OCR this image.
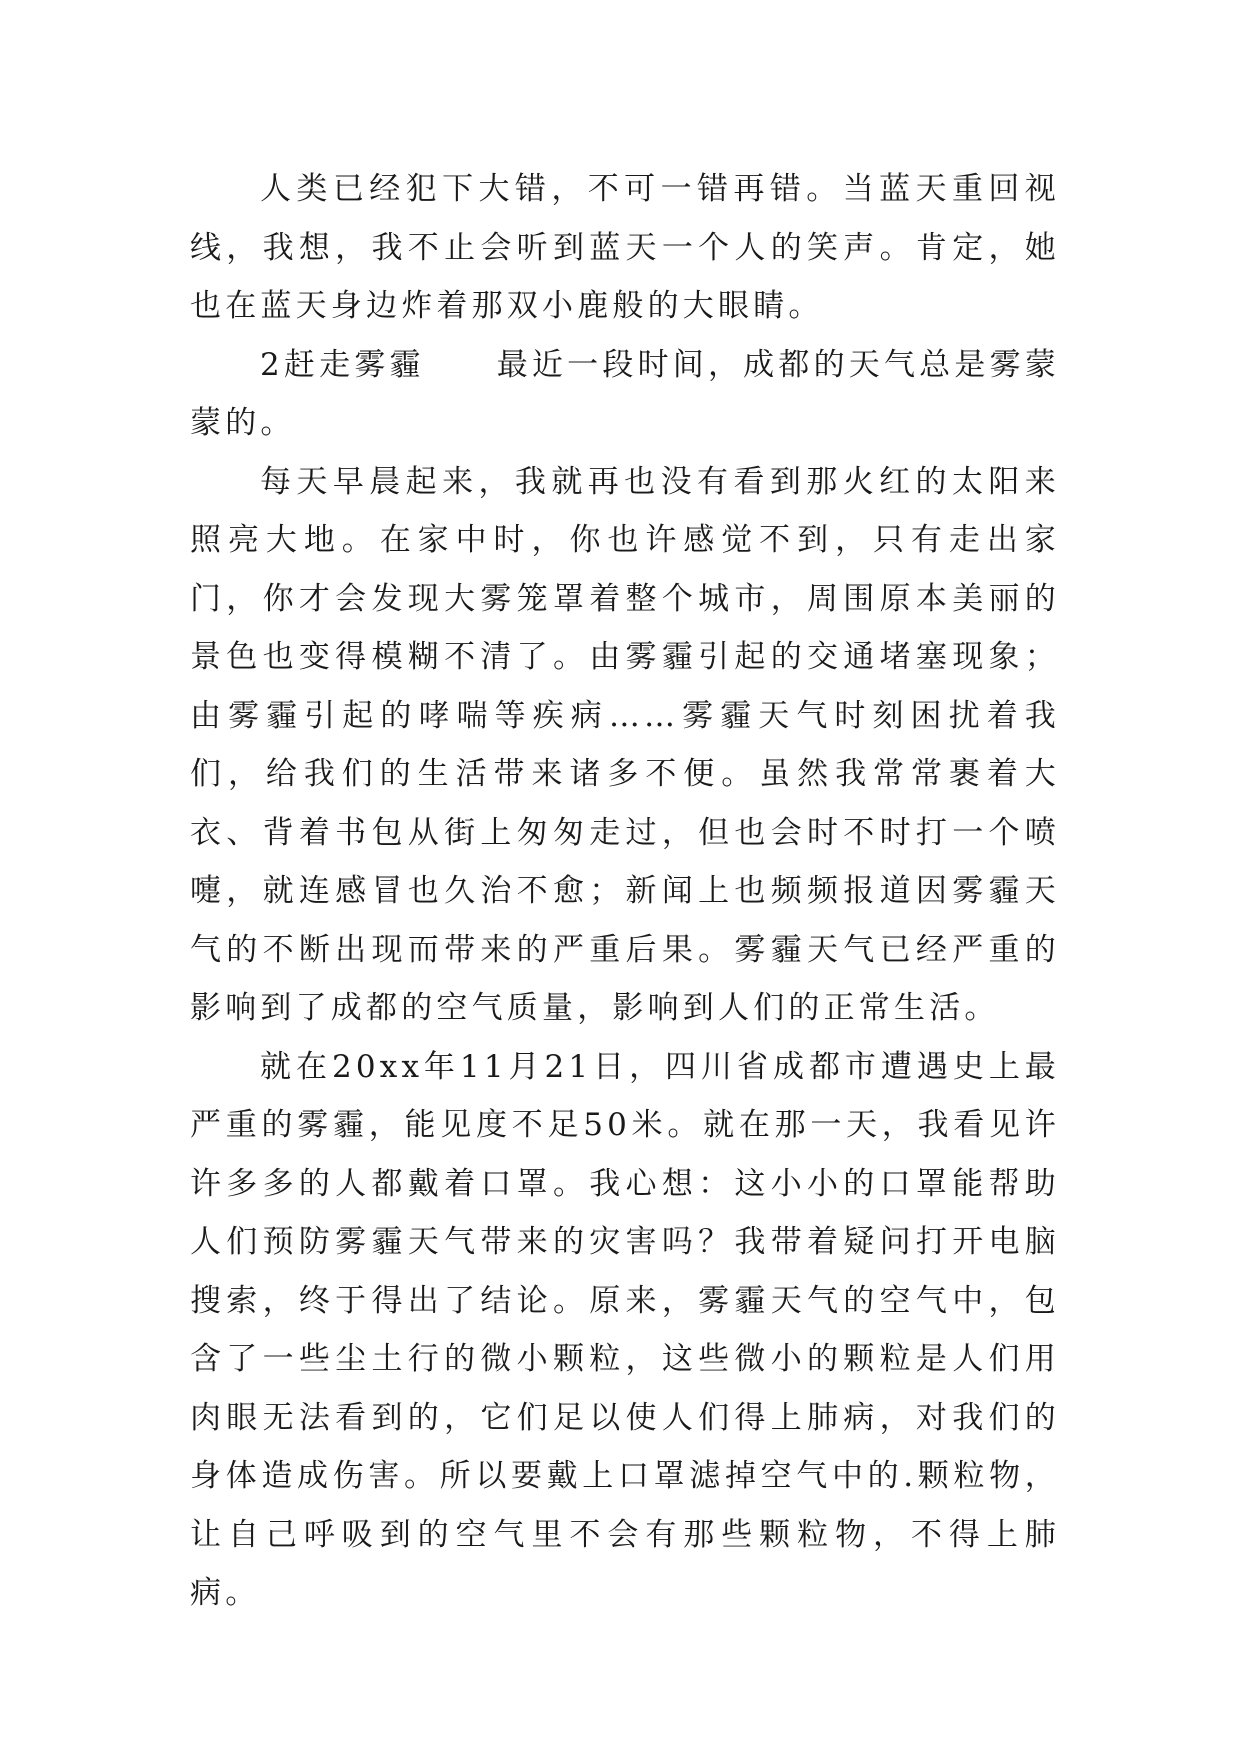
人类已经犯下大错，不可一错再错。当蓝天重回视线，我想，我不止会听到蓝天一个人的笑声。肯定，她也在蓝天身边炸着那双小鹿般的大眼睛。

2赶走雾霾 最近一段时间，成都的天气总是雾蒙蒙的。

每天早晨起来，我就再也没有看到那火红的太阳来照亮大地。在家中时，你也许感觉不到，只有走出家门，你才会发现大雾笼罩着整个城市，周围原本美丽的景色也变得模糊不清了。由雾霾引起的交通堵塞现象；由雾霾引起的哮喘等疾病……雾霾天气时刻困扰着我们，给我们的生活带来诸多不便。虽然我常常裹着大衣、背着书包从街上匆匆走过，但也会时不时打一个喷嚏，就连感冒也久治不愈；新闻上也频频报道因雾霾天气的不断出现而带来的严重后果。雾霾天气已经严重的影响到了成都的空气质量，影响到人们的正常生活。

就在20xx年11月21日，四川省成都市遭遇史上最严重的雾霾，能见度不足50米。就在那一天，我看见许许多多的人都戴着口罩。我心想：这小小的口罩能帮助人们预防雾霾天气带来的灾害吗？我带着疑问打开电脑搜索，终于得出了结论。原来，雾霾天气的空气中，包含了一些尘土行的微小颗粒，这些微小的颗粒是人们用肉眼无法看到的，它们足以使人们得上肺病，对我们的身体造成伤害。所以要戴上口罩滤掉空气中的.颗粒物，让自己呼吸到的空气里不会有那些颗粒物，不得上肺病。
